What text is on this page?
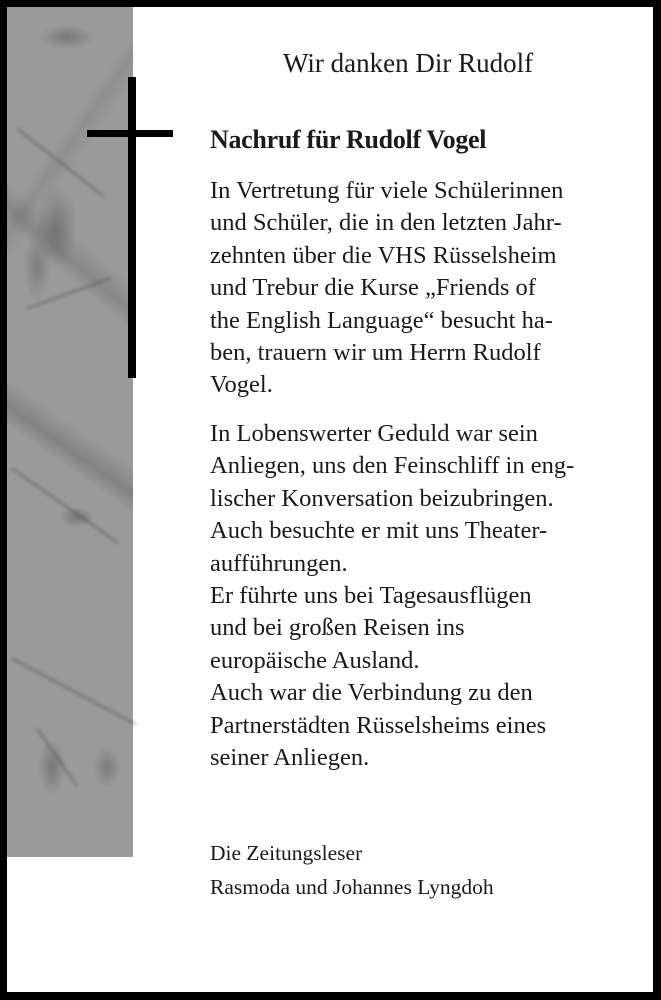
Wir danken Dir Rudolf
Nachruf für Rudolf Vogel
In Vertretung für viele Schülerinnen
und Schüler, die in den letzten Jahr-
zehnten über die VHS Rüsselsheim
und Trebur die Kurse „Friends of
the English Language“ besucht ha-
ben, trauern wir um Herrn Rudolf
Vogel.
In Lobenswerter Geduld war sein
Anliegen, uns den Feinschliff in eng-
lischer Konversation beizubringen.
Auch besuchte er mit uns Theater-
aufführungen.
Er führte uns bei Tagesausflügen
und bei großen Reisen ins
europäische Ausland.
Auch war die Verbindung zu den
Partnerstädten Rüsselsheims eines
seiner Anliegen.
Die Zeitungsleser
Rasmoda und Johannes Lyngdoh
